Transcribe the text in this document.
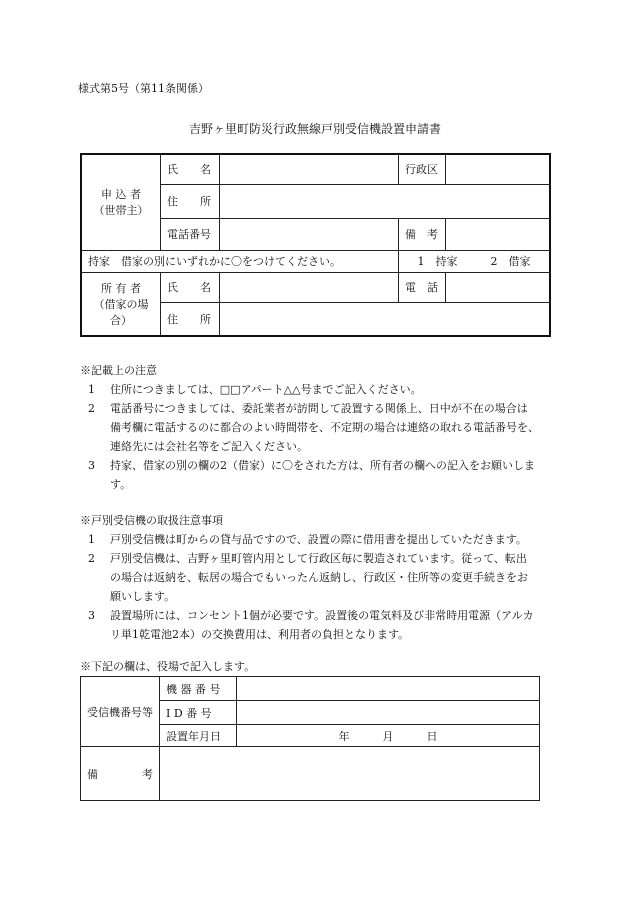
様式第5号（第11条関係）
吉野ヶ里町防災行政無線戸別受信機設置申請書
申 込 者
（世帯主）	氏　　名		行政区	
	住　　所			
	電話番号		備　考	
持家　借家の別にいずれかに〇をつけてください。			1　持家　　　2　借家	

所 有 者
（借家の場合）	氏　　名		電　話	
	住　　所			
※記載上の注意
1 住所につきましては、□□アパート△△号までご記入ください。
2 電話番号につきましては、委託業者が訪問して設置する関係上、日中が不在の場合は
備考欄に電話するのに都合のよい時間帯を、不定期の場合は連絡の取れる電話番号を、
連絡先には会社名等をご記入ください。
3 持家、借家の別の欄の2（借家）に〇をされた方は、所有者の欄への記入をお願いしま
す。
※戸別受信機の取扱注意事項
1 戸別受信機は町からの貸与品ですので、設置の際に借用書を提出していただきます。
2 戸別受信機は、吉野ヶ里町管内用として行政区毎に製造されています。従って、転出
の場合は返納を、転居の場合でもいったん返納し、行政区・住所等の変更手続きをお
願いします。
3 設置場所には、コンセント1個が必要です。設置後の電気料及び非常時用電源（アルカ
リ単1乾電池2本）の交換費用は、利用者の負担となります。
※下記の欄は、役場で記入します。
受信機番号等	機 器 番 号	
	I D 番 号	
	設置年月日	年　　　月　　　日
備　　　　考		
